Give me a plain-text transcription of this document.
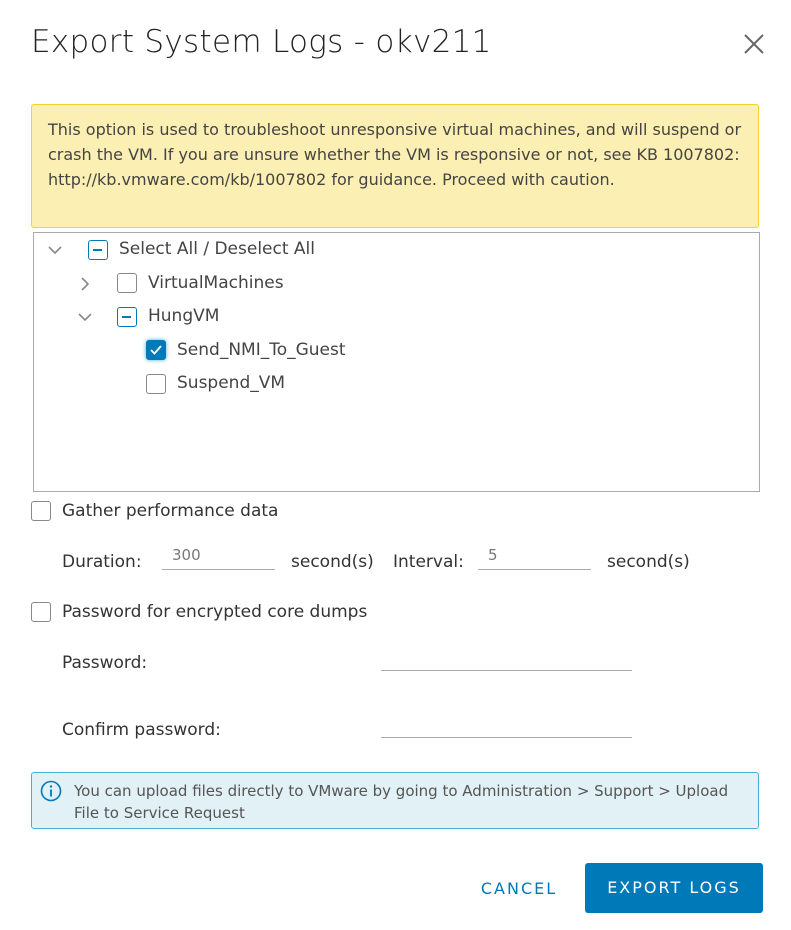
Export System Logs - okv211
This option is used to troubleshoot unresponsive virtual machines, and will suspend or crash the VM. If you are unsure whether the VM is responsive or not, see KB 1007802: http://kb.vmware.com/kb/1007802 for guidance. Proceed with caution.
Select All / Deselect All
VirtualMachines
HungVM
Send_NMI_To_Guest
Suspend_VM
Gather performance data
Duration:
300	second(s) Interval:
5	second(s)
Password for encrypted core dumps
Password:
Confirm password:
You can upload files directly to VMware by going to Administration > Support > Upload File to Service Request
CANCEL	EXPORT LOGS
